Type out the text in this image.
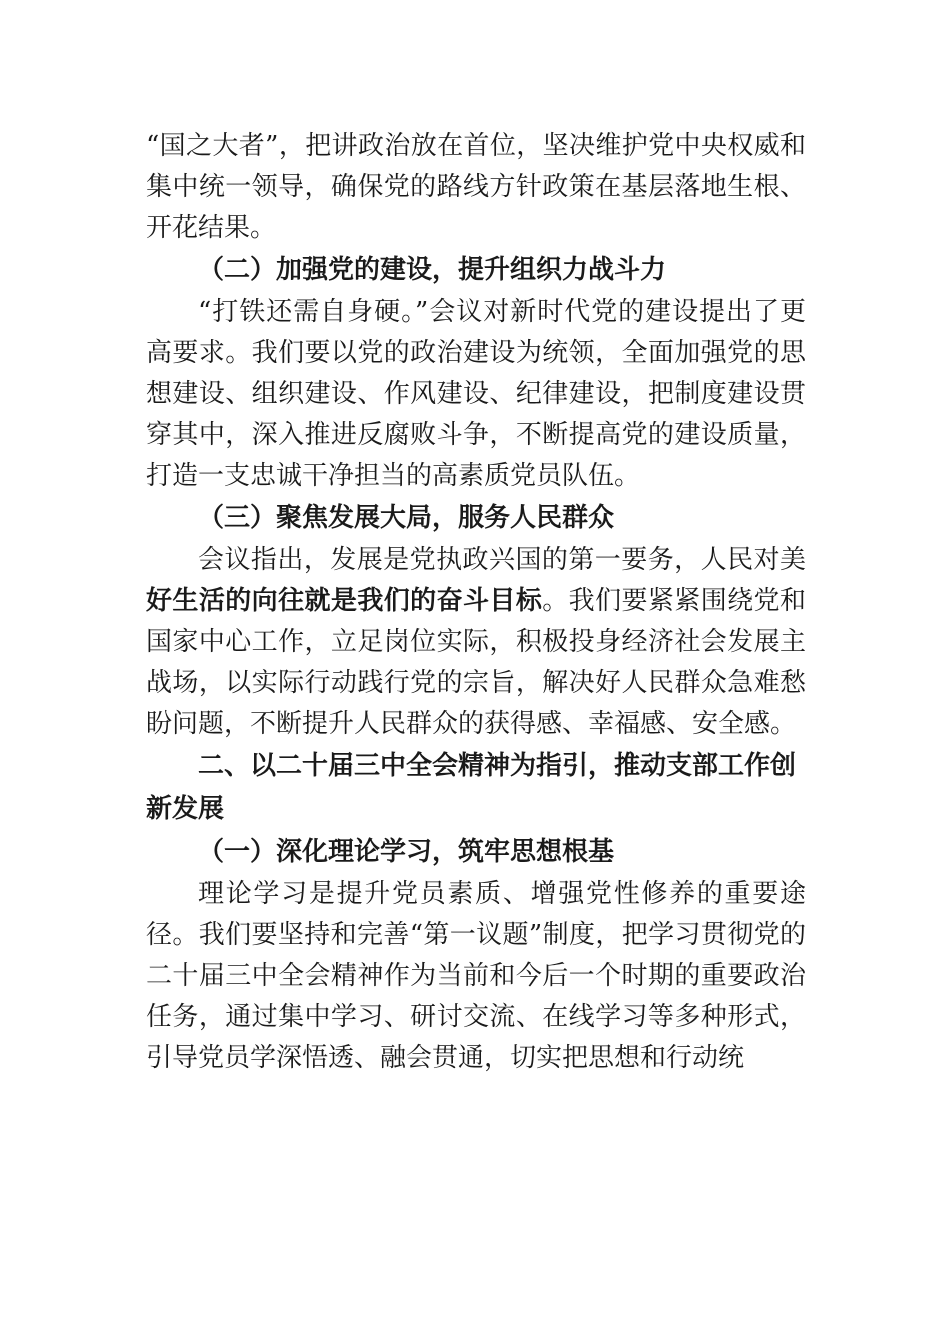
“国之大者”，把讲政治放在首位，坚决维护党中央权威和集中统一领导，确保党的路线方针政策在基层落地生根、开花结果。

（二）加强党的建设，提升组织力战斗力

“打铁还需自身硬。”会议对新时代党的建设提出了更高要求。我们要以党的政治建设为统领，全面加强党的思想建设、组织建设、作风建设、纪律建设，把制度建设贯穿其中，深入推进反腐败斗争，不断提高党的建设质量，打造一支忠诚干净担当的高素质党员队伍。

（三）聚焦发展大局，服务人民群众

会议指出，发展是党执政兴国的第一要务，人民对美好生活的向往就是我们的奋斗目标。我们要紧紧围绕党和国家中心工作，立足岗位实际，积极投身经济社会发展主战场，以实际行动践行党的宗旨，解决好人民群众急难愁盼问题，不断提升人民群众的获得感、幸福感、安全感。

二、以二十届三中全会精神为指引，推动支部工作创新发展

（一）深化理论学习，筑牢思想根基

理论学习是提升党员素质、增强党性修养的重要途径。我们要坚持和完善“第一议题”制度，把学习贯彻党的二十届三中全会精神作为当前和今后一个时期的重要政治任务，通过集中学习、研讨交流、在线学习等多种形式，引导党员学深悟透、融会贯通，切实把思想和行动统
